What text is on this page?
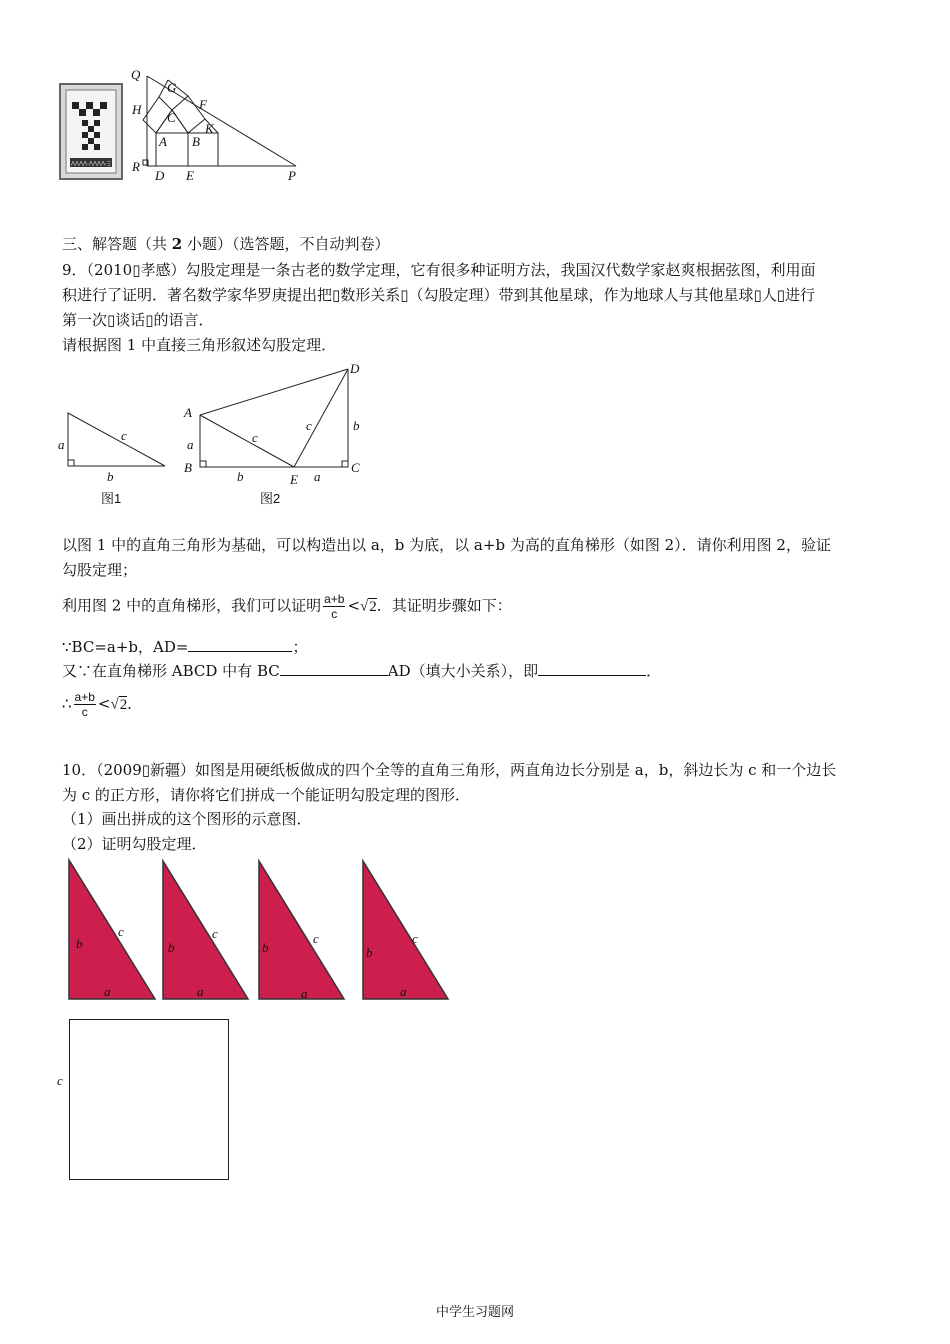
ΛΛΛΛ-ΛΛΛΛ-Ξ
Q
G
H	F
C
K
A B
R
D E	P
三、解答题（共 2 小题）（选答题，不自动判卷）
9．（2010▯孝感）勾股定理是一条古老的数学定理，它有很多种证明方法，我国汉代数学家赵爽根据弦图，利用面
积进行了证明．著名数学家华罗庚提出把▯数形关系▯（勾股定理）带到其他星球，作为地球人与其他星球▯人▯进行
第一次▯谈话▯的语言．
请根据图 1 中直接三角形叙述勾股定理．
a
c
b
图1
D
A
a	c
c	b
B	C
b	E a
图2
以图 1 中的直角三角形为基础，可以构造出以 a，b 为底，以 a+b 为高的直角梯形（如图 2）．请你利用图 2，验证
勾股定理；
利用图 2 中的直角梯形，我们可以证明 $\frac{a+b}{c} <√2$．其证明步骤如下：
∵BC=a+b，AD=	；
又∵在直角梯形 ABCD 中有 BC	AD（填大小关系），即	．
∴ $\frac{a+b}{c} <√2$．
10．（2009▯新疆）如图是用硬纸板做成的四个全等的直角三角形，两直角边长分别是 a，b，斜边长为 c 和一个边长
为 c 的正方形，请你将它们拼成一个能证明勾股定理的图形．
（1）画出拼成的这个图形的示意图．
（2）证明勾股定理．
b
c
a
b
c
a
b
c
a
b
c
a
c
中学生习题网
